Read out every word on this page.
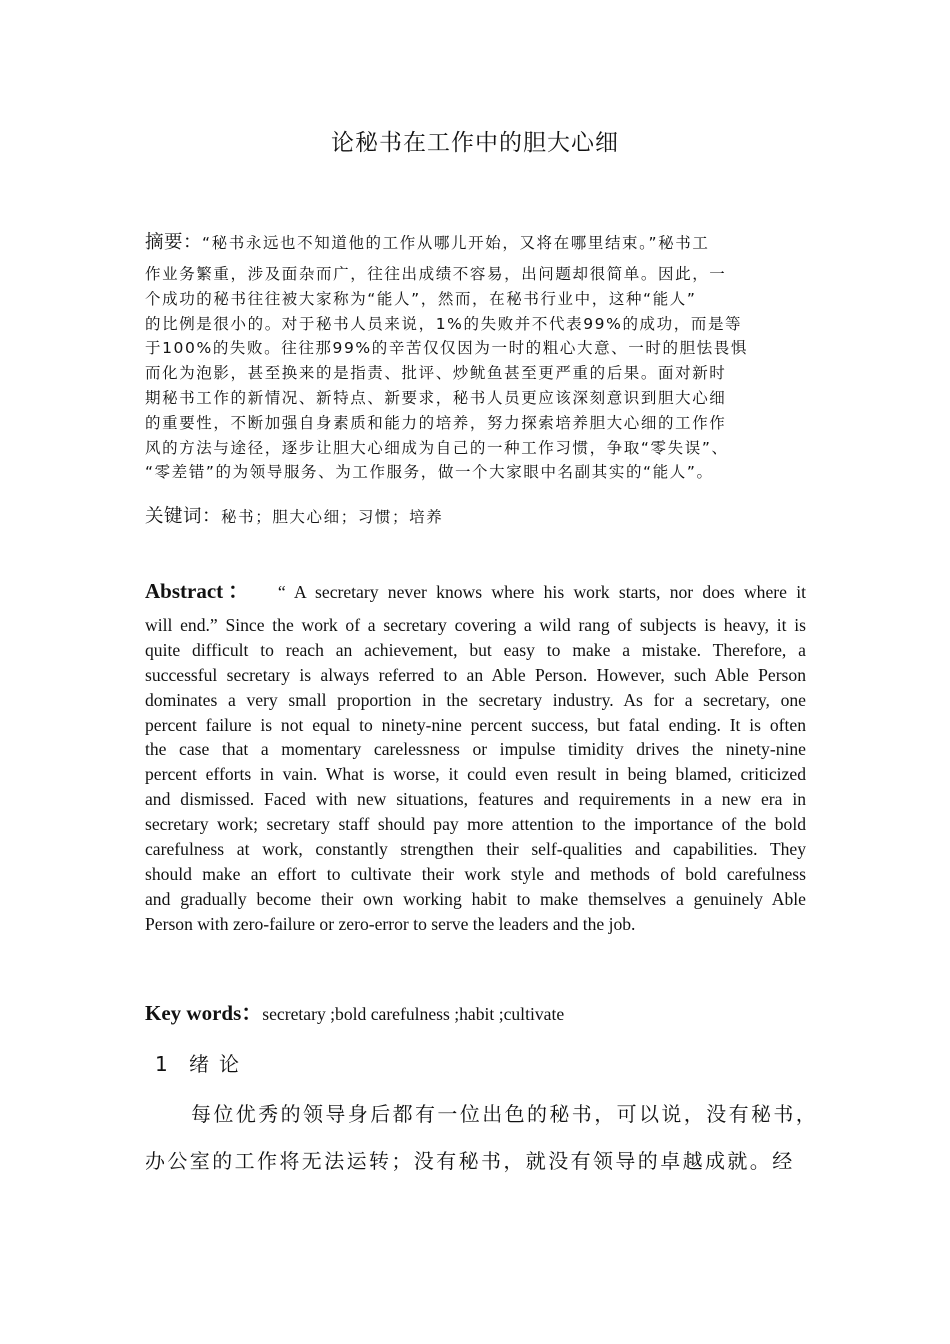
论秘书在工作中的胆大心细
摘要：“秘书永远也不知道他的工作从哪儿开始，又将在哪里结束。”秘书工
作业务繁重，涉及面杂而广，往往出成绩不容易，出问题却很简单。因此，一
个成功的秘书往往被大家称为“能人”，然而，在秘书行业中，这种“能人”
的比例是很小的。对于秘书人员来说，1%的失败并不代表99%的成功，而是等
于100%的失败。往往那99%的辛苦仅仅因为一时的粗心大意、一时的胆怯畏惧
而化为泡影，甚至换来的是指责、批评、炒鱿鱼甚至更严重的后果。面对新时
期秘书工作的新情况、新特点、新要求，秘书人员更应该深刻意识到胆大心细
的重要性，不断加强自身素质和能力的培养，努力探索培养胆大心细的工作作
风的方法与途径，逐步让胆大心细成为自己的一种工作习惯，争取“零失误”、
“零差错”的为领导服务、为工作服务，做一个大家眼中名副其实的“能人”。
关键词：秘书；胆大心细；习惯；培养
Abstract： “ A secretary never knows where his work starts, nor does where it
will end.” Since the work of a secretary covering a wild rang of subjects is heavy, it is
quite difficult to reach an achievement, but easy to make a mistake. Therefore, a
successful secretary is always referred to an Able Person. However, such Able Person
dominates a very small proportion in the secretary industry. As for a secretary, one
percent failure is not equal to ninety-nine percent success, but fatal ending. It is often
the case that a momentary carelessness or impulse timidity drives the ninety-nine
percent efforts in vain. What is worse, it could even result in being blamed, criticized
and dismissed. Faced with new situations, features and requirements in a new era in
secretary work; secretary staff should pay more attention to the importance of the bold
carefulness at work, constantly strengthen their self-qualities and capabilities. They
should make an effort to cultivate their work style and methods of bold carefulness
and gradually become their own working habit to make themselves a genuinely Able
Person with zero-failure or zero-error to serve the leaders and the job.
Key words：secretary ;bold carefulness ;habit ;cultivate
1 绪论
每位优秀的领导身后都有一位出色的秘书，可以说，没有秘书，
办公室的工作将无法运转；没有秘书，就没有领导的卓越成就。经
